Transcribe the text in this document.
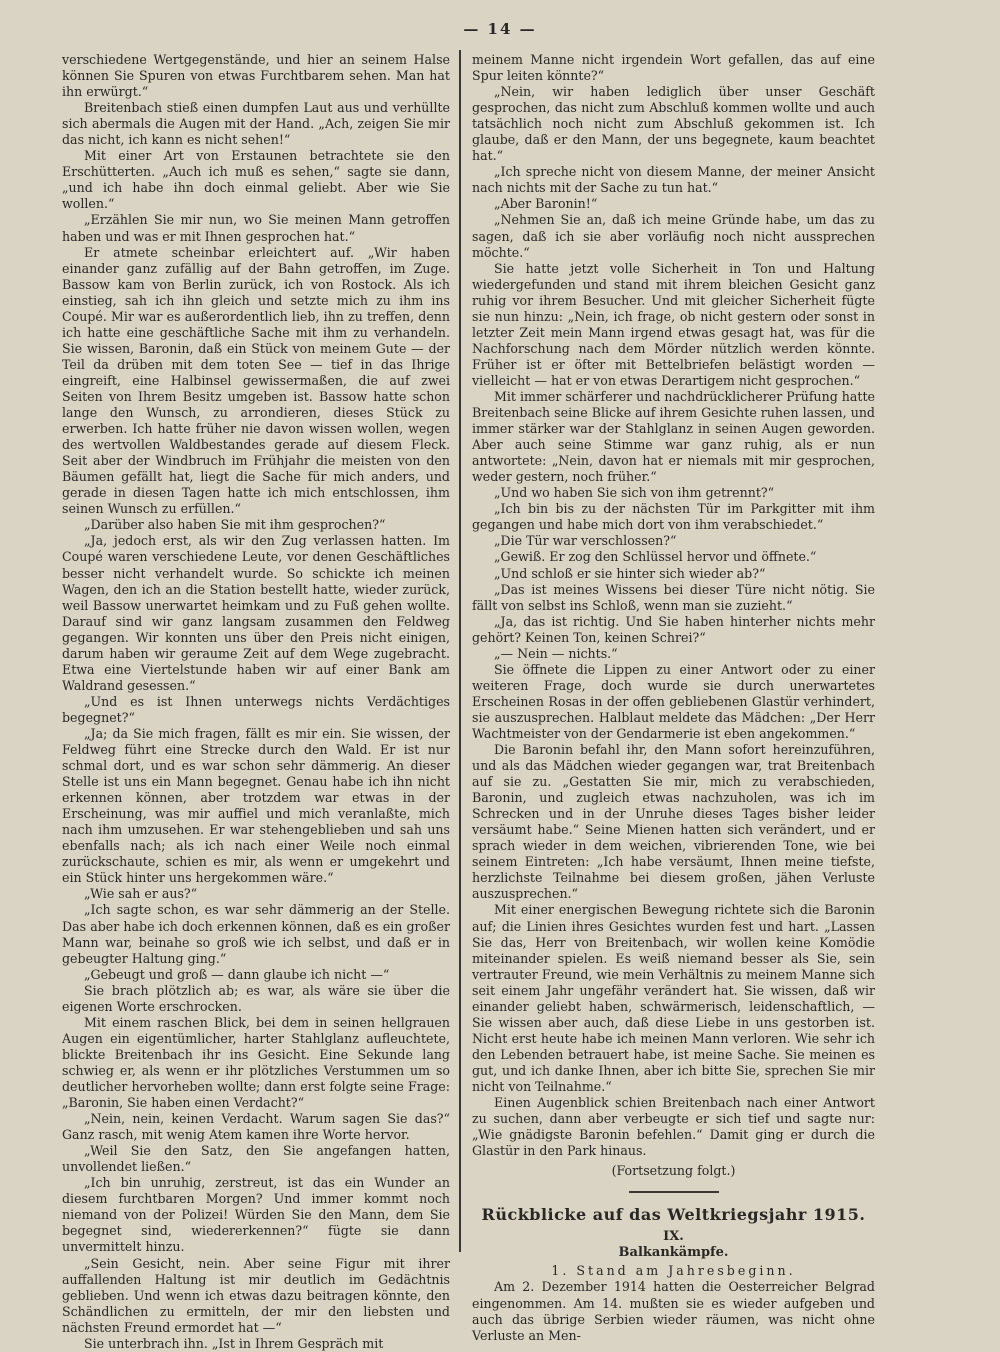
— 14 —

verschiedene Wertgegenstände, und hier an seinem Halse können Sie Spuren von etwas Furchtbarem sehen. Man hat ihn erwürgt.“

Breitenbach stieß einen dumpfen Laut aus und verhüllte sich abermals die Augen mit der Hand. „Ach, zeigen Sie mir das nicht, ich kann es nicht sehen!“

Mit einer Art von Erstaunen betrachtete sie den Erschütterten. „Auch ich muß es sehen,“ sagte sie dann, „und ich habe ihn doch einmal geliebt. Aber wie Sie wollen.“

„Erzählen Sie mir nun, wo Sie meinen Mann getroffen haben und was er mit Ihnen gesprochen hat.“

Er atmete scheinbar erleichtert auf. „Wir haben einander ganz zufällig auf der Bahn getroffen, im Zuge. Bassow kam von Berlin zurück, ich von Rostock. Als ich einstieg, sah ich ihn gleich und setzte mich zu ihm ins Coupé. Mir war es außerordentlich lieb, ihn zu treffen, denn ich hatte eine geschäftliche Sache mit ihm zu verhandeln. Sie wissen, Baronin, daß ein Stück von meinem Gute — der Teil da drüben mit dem toten See — tief in das Ihrige eingreift, eine Halbinsel gewissermaßen, die auf zwei Seiten von Ihrem Besitz umgeben ist. Bassow hatte schon lange den Wunsch, zu arrondieren, dieses Stück zu erwerben. Ich hatte früher nie davon wissen wollen, wegen des wertvollen Waldbestandes gerade auf diesem Fleck. Seit aber der Windbruch im Frühjahr die meisten von den Bäumen gefällt hat, liegt die Sache für mich anders, und gerade in diesen Tagen hatte ich mich entschlossen, ihm seinen Wunsch zu erfüllen.“

„Darüber also haben Sie mit ihm gesprochen?“

„Ja, jedoch erst, als wir den Zug verlassen hatten. Im Coupé waren verschiedene Leute, vor denen Geschäftliches besser nicht verhandelt wurde. So schickte ich meinen Wagen, den ich an die Station bestellt hatte, wieder zurück, weil Bassow unerwartet heimkam und zu Fuß gehen wollte. Darauf sind wir ganz langsam zusammen den Feldweg gegangen. Wir konnten uns über den Preis nicht einigen, darum haben wir geraume Zeit auf dem Wege zugebracht. Etwa eine Viertelstunde haben wir auf einer Bank am Waldrand gesessen.“

„Und es ist Ihnen unterwegs nichts Verdächtiges begegnet?“

„Ja; da Sie mich fragen, fällt es mir ein. Sie wissen, der Feldweg führt eine Strecke durch den Wald. Er ist nur schmal dort, und es war schon sehr dämmerig. An dieser Stelle ist uns ein Mann begegnet. Genau habe ich ihn nicht erkennen können, aber trotzdem war etwas in der Erscheinung, was mir auffiel und mich veranlaßte, mich nach ihm umzusehen. Er war stehengeblieben und sah uns ebenfalls nach; als ich nach einer Weile noch einmal zurückschaute, schien es mir, als wenn er umgekehrt und ein Stück hinter uns hergekommen wäre.“

„Wie sah er aus?“

„Ich sagte schon, es war sehr dämmerig an der Stelle. Das aber habe ich doch erkennen können, daß es ein großer Mann war, beinahe so groß wie ich selbst, und daß er in gebeugter Haltung ging.“

„Gebeugt und groß — dann glaube ich nicht —“

Sie brach plötzlich ab; es war, als wäre sie über die eigenen Worte erschrocken.

Mit einem raschen Blick, bei dem in seinen hellgrauen Augen ein eigentümlicher, harter Stahlglanz aufleuchtete, blickte Breitenbach ihr ins Gesicht. Eine Sekunde lang schwieg er, als wenn er ihr plötzliches Verstummen um so deutlicher hervorheben wollte; dann erst folgte seine Frage: „Baronin, Sie haben einen Verdacht?“

„Nein, nein, keinen Verdacht. Warum sagen Sie das?“ Ganz rasch, mit wenig Atem kamen ihre Worte hervor.

„Weil Sie den Satz, den Sie angefangen hatten, unvollendet ließen.“

„Ich bin unruhig, zerstreut, ist das ein Wunder an diesem furchtbaren Morgen? Und immer kommt noch niemand von der Polizei! Würden Sie den Mann, dem Sie begegnet sind, wiedererkennen?“ fügte sie dann unvermittelt hinzu.

„Sein Gesicht, nein. Aber seine Figur mit ihrer auffallenden Haltung ist mir deutlich im Gedächtnis geblieben. Und wenn ich etwas dazu beitragen könnte, den Schändlichen zu ermitteln, der mir den liebsten und nächsten Freund ermordet hat —“

Sie unterbrach ihn. „Ist in Ihrem Gespräch mit

meinem Manne nicht irgendein Wort gefallen, das auf eine Spur leiten könnte?“

„Nein, wir haben lediglich über unser Geschäft gesprochen, das nicht zum Abschluß kommen wollte und auch tatsächlich noch nicht zum Abschluß gekommen ist. Ich glaube, daß er den Mann, der uns begegnete, kaum beachtet hat.“

„Ich spreche nicht von diesem Manne, der meiner Ansicht nach nichts mit der Sache zu tun hat.“

„Aber Baronin!“

„Nehmen Sie an, daß ich meine Gründe habe, um das zu sagen, daß ich sie aber vorläufig noch nicht aussprechen möchte.“

Sie hatte jetzt volle Sicherheit in Ton und Haltung wiedergefunden und stand mit ihrem bleichen Gesicht ganz ruhig vor ihrem Besucher. Und mit gleicher Sicherheit fügte sie nun hinzu: „Nein, ich frage, ob nicht gestern oder sonst in letzter Zeit mein Mann irgend etwas gesagt hat, was für die Nachforschung nach dem Mörder nützlich werden könnte. Früher ist er öfter mit Bettelbriefen belästigt worden — vielleicht — hat er von etwas Derartigem nicht gesprochen.“

Mit immer schärferer und nachdrücklicherer Prüfung hatte Breitenbach seine Blicke auf ihrem Gesichte ruhen lassen, und immer stärker war der Stahlglanz in seinen Augen geworden. Aber auch seine Stimme war ganz ruhig, als er nun antwortete: „Nein, davon hat er niemals mit mir gesprochen, weder gestern, noch früher.“

„Und wo haben Sie sich von ihm getrennt?“

„Ich bin bis zu der nächsten Tür im Parkgitter mit ihm gegangen und habe mich dort von ihm verabschiedet.“

„Die Tür war verschlossen?“

„Gewiß. Er zog den Schlüssel hervor und öffnete.“

„Und schloß er sie hinter sich wieder ab?“

„Das ist meines Wissens bei dieser Türe nicht nötig. Sie fällt von selbst ins Schloß, wenn man sie zuzieht.“

„Ja, das ist richtig. Und Sie haben hinterher nichts mehr gehört? Keinen Ton, keinen Schrei?“

„— Nein — nichts.“

Sie öffnete die Lippen zu einer Antwort oder zu einer weiteren Frage, doch wurde sie durch unerwartetes Erscheinen Rosas in der offen gebliebenen Glastür verhindert, sie auszusprechen. Halblaut meldete das Mädchen: „Der Herr Wachtmeister von der Gendarmerie ist eben angekommen.“

Die Baronin befahl ihr, den Mann sofort hereinzuführen, und als das Mädchen wieder gegangen war, trat Breitenbach auf sie zu. „Gestatten Sie mir, mich zu verabschieden, Baronin, und zugleich etwas nachzuholen, was ich im Schrecken und in der Unruhe dieses Tages bisher leider versäumt habe.“ Seine Mienen hatten sich verändert, und er sprach wieder in dem weichen, vibrierenden Tone, wie bei seinem Eintreten: „Ich habe versäumt, Ihnen meine tiefste, herzlichste Teilnahme bei diesem großen, jähen Verluste auszusprechen.“

Mit einer energischen Bewegung richtete sich die Baronin auf; die Linien ihres Gesichtes wurden fest und hart. „Lassen Sie das, Herr von Breitenbach, wir wollen keine Komödie miteinander spielen. Es weiß niemand besser als Sie, sein vertrauter Freund, wie mein Verhältnis zu meinem Manne sich seit einem Jahr ungefähr verändert hat. Sie wissen, daß wir einander geliebt haben, schwärmerisch, leidenschaftlich, — Sie wissen aber auch, daß diese Liebe in uns gestorben ist. Nicht erst heute habe ich meinen Mann verloren. Wie sehr ich den Lebenden betrauert habe, ist meine Sache. Sie meinen es gut, und ich danke Ihnen, aber ich bitte Sie, sprechen Sie mir nicht von Teilnahme.“

Einen Augenblick schien Breitenbach nach einer Antwort zu suchen, dann aber verbeugte er sich tief und sagte nur: „Wie gnädigste Baronin befehlen.“ Damit ging er durch die Glastür in den Park hinaus.

(Fortsetzung folgt.)

Rückblicke auf das Weltkriegsjahr 1915.
IX.
Balkankämpfe.
1. Stand am Jahresbeginn.

Am 2. Dezember 1914 hatten die Oesterreicher Belgrad eingenommen. Am 14. mußten sie es wieder aufgeben und auch das übrige Serbien wieder räumen, was nicht ohne Verluste an Men-
